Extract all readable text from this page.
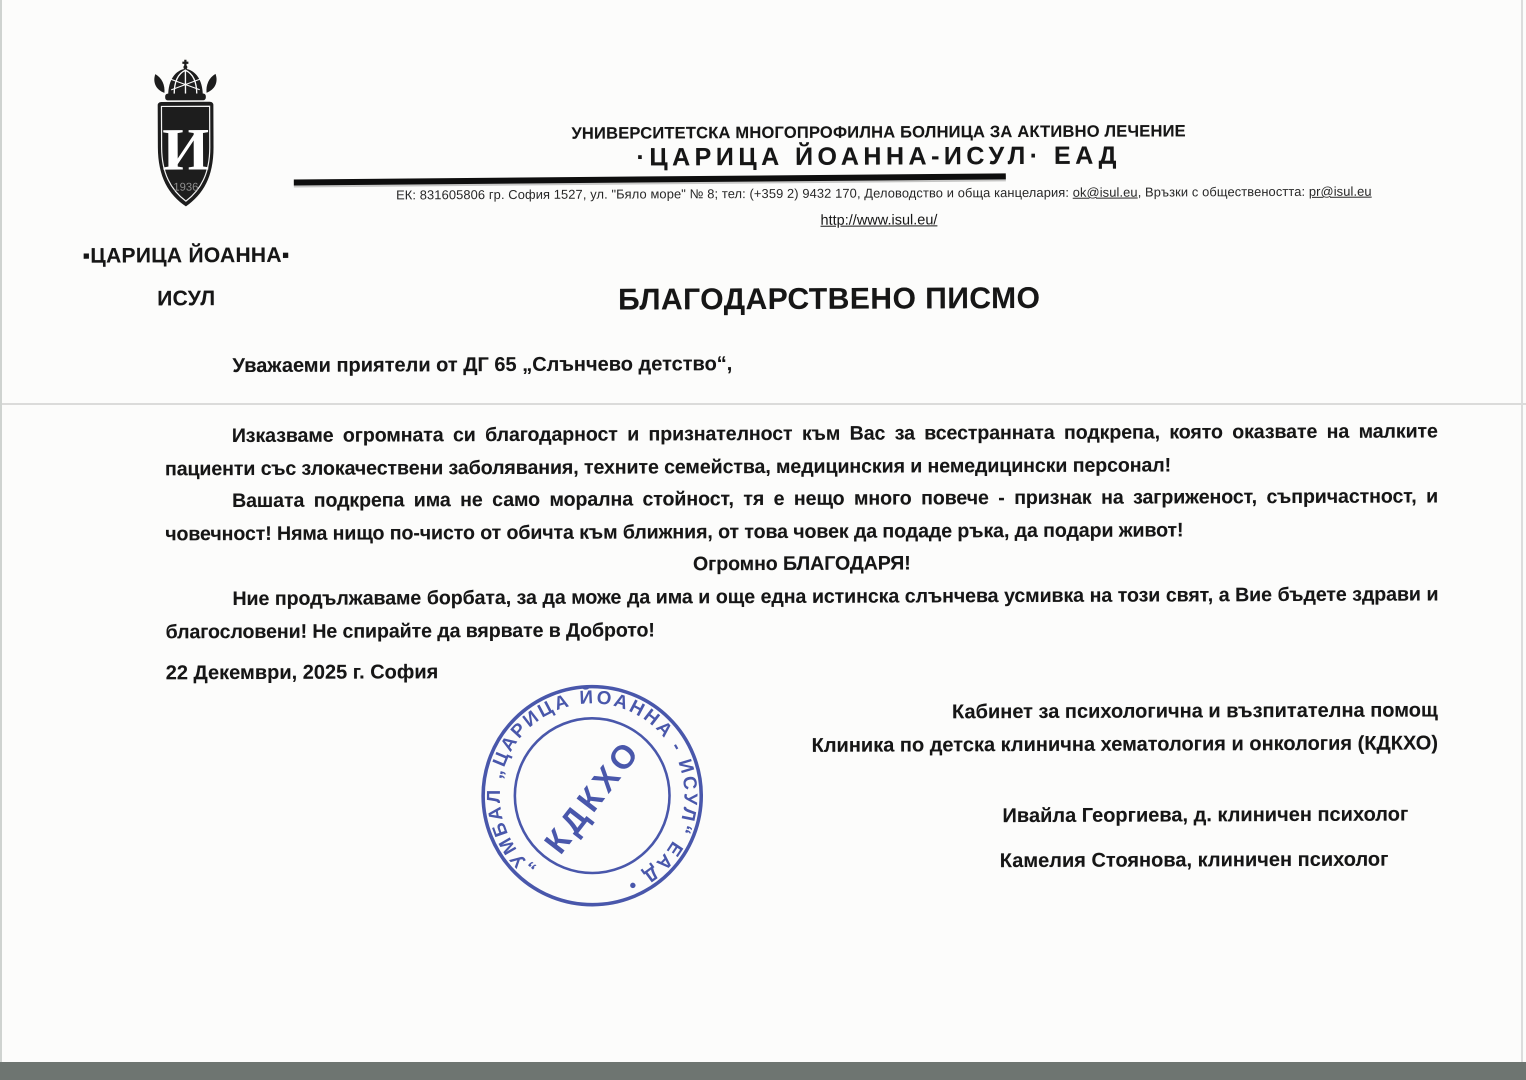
И
1936
▪ЦАРИЦА ЙОАННА▪
ИСУЛ
УНИВЕРСИТЕТСКА МНОГОПРОФИЛНА БОЛНИЦА ЗА АКТИВНО ЛЕЧЕНИЕ
·ЦАРИЦА ЙОАННА-ИСУЛ· ЕАД
ЕК: 831605806 гр. София 1527, ул. "Бяло море" № 8; тел: (+359 2) 9432 170, Деловодство и обща канцелария: ok@isul.eu, Връзки с обществеността: pr@isul.eu
http://www.isul.eu/
БЛАГОДАРСТВЕНО ПИСМО
Уважаеми приятели от ДГ 65 „Слънчево детство“,

Изказваме огромната си благодарност и признателност към Вас за всестранната подкрепа, която оказвате на малките пациенти със злокачествени заболявания, техните семейства, медицинския и немедицински персонал!

Вашата подкрепа има не само морална стойност, тя е нещо много повече - признак на загриженост, съпричастност, и човечност! Няма нищо по-чисто от обичта към ближния, от това човек да подаде ръка, да подари живот!

Огромно БЛАГОДАРЯ!

Ние продължаваме борбата, за да може да има и още една истинска слънчева усмивка на този свят, а Вие бъдете здрави и благословени! Не спирайте да вярвате в Доброто!

22 Декември, 2025 г. София
Кабинет за психологична и възпитателна помощ
Клиника по детска клинична хематология и онкология (КДКХО)
Ивайла Георгиева, д. клиничен психолог
Камелия Стоянова, клиничен психолог
„УМБАЛ „ЦАРИЦА ЙОАННА - ИСУЛ“ ЕАД •
КДКХО
